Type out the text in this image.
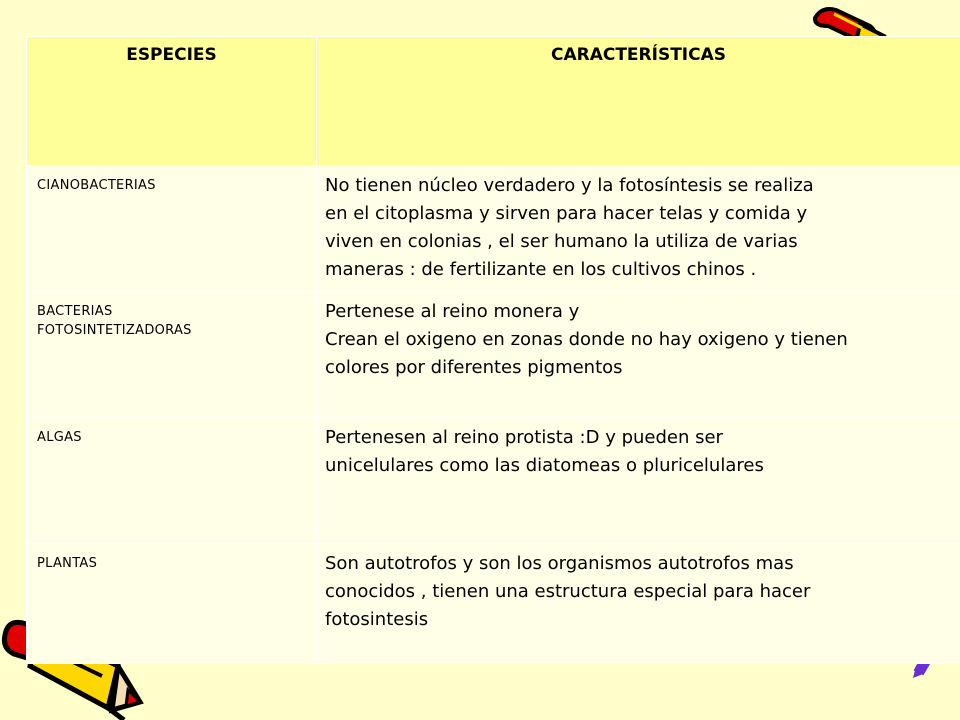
ESPECIES	CARACTERÍSTICAS

CIANOBACTERIAS	No tienen núcleo verdadero y la fotosíntesis se realiza
en el citoplasma y sirven para hacer telas y comida y
viven en colonias , el ser humano la utiliza de varias
maneras : de fertilizante en los cultivos chinos .

BACTERIAS
FOTOSINTETIZADORAS	Pertenese al reino monera y
Crean el oxigeno en zonas donde no hay oxigeno y tienen
colores por diferentes pigmentos

ALGAS	Pertenesen al reino protista :D y pueden ser
unicelulares como las diatomeas o pluricelulares

PLANTAS	Son autotrofos y son los organismos autotrofos mas
conocidos , tienen una estructura especial para hacer
fotosintesis
